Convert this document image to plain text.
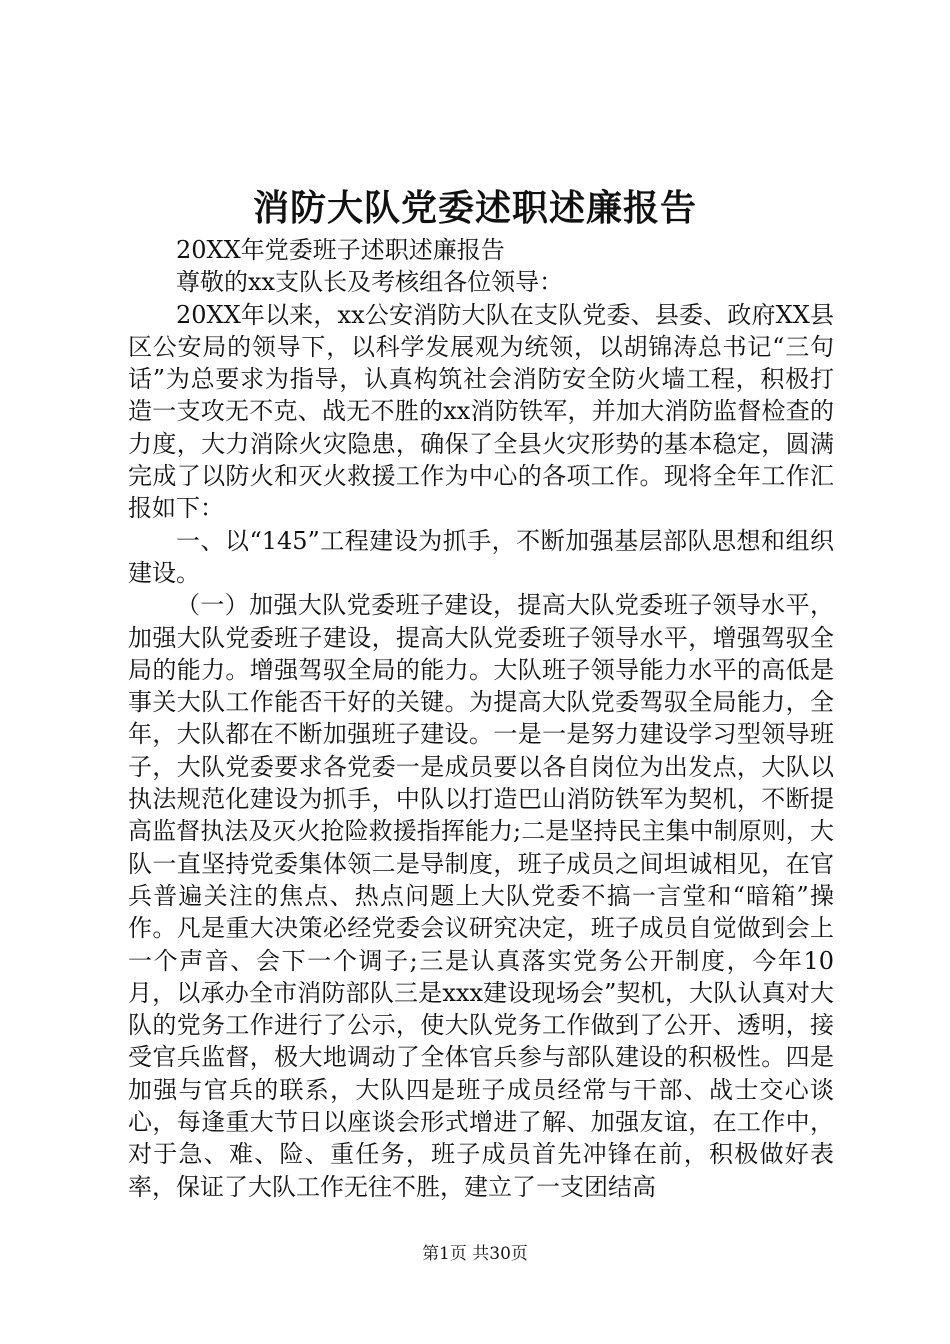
消防大队党委述职述廉报告

20XX年党委班子述职述廉报告

尊敬的xx支队长及考核组各位领导：

20XX年以来，xx公安消防大队在支队党委、县委、政府XX县区公安局的领导下，以科学发展观为统领，以胡锦涛总书记“三句话”为总要求为指导，认真构筑社会消防安全防火墙工程，积极打造一支攻无不克、战无不胜的xx消防铁军，并加大消防监督检查的力度，大力消除火灾隐患，确保了全县火灾形势的基本稳定，圆满完成了以防火和灭火救援工作为中心的各项工作。现将全年工作汇报如下：

一、以“145”工程建设为抓手，不断加强基层部队思想和组织建设。

（一）加强大队党委班子建设，提高大队党委班子领导水平，加强大队党委班子建设，提高大队党委班子领导水平，增强驾驭全局的能力。增强驾驭全局的能力。大队班子领导能力水平的高低是事关大队工作能否干好的关键。为提高大队党委驾驭全局能力，全年，大队都在不断加强班子建设。一是一是努力建设学习型领导班子，大队党委要求各党委一是成员要以各自岗位为出发点，大队以执法规范化建设为抓手，中队以打造巴山消防铁军为契机，不断提高监督执法及灭火抢险救援指挥能力;二是坚持民主集中制原则，大队一直坚持党委集体领二是导制度，班子成员之间坦诚相见，在官兵普遍关注的焦点、热点问题上大队党委不搞一言堂和“暗箱”操作。凡是重大决策必经党委会议研究决定，班子成员自觉做到会上一个声音、会下一个调子;三是认真落实党务公开制度，今年10月，以承办全市消防部队三是xxx建设现场会”契机，大队认真对大队的党务工作进行了公示，使大队党务工作做到了公开、透明，接受官兵监督，极大地调动了全体官兵参与部队建设的积极性。四是加强与官兵的联系，大队四是班子成员经常与干部、战士交心谈心，每逢重大节日以座谈会形式增进了解、加强友谊，在工作中，对于急、难、险、重任务，班子成员首先冲锋在前，积极做好表率，保证了大队工作无往不胜，建立了一支团结高

第1页 共30页
